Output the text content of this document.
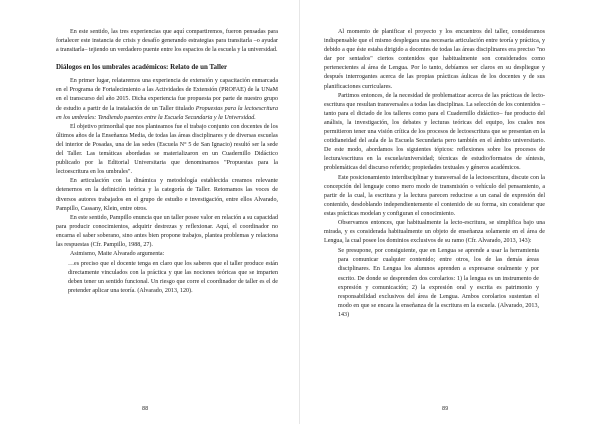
En este sentido, las tres experiencias que aquí compartiremos, fueron pensadas para fortalecer este instancia de crisis y desafío generando estrategias para transitarla –o ayudar a transitarla– tejiendo un verdadero puente entre los espacios de la escuela y la universidad.

Diálogos en los umbrales académicos: Relato de un Taller

En primer lugar, relataremos una experiencia de extensión y capacitación enmarcada en el Programa de Fortalecimiento a las Actividades de Extensión (PROFAE) de la UNaM en el transcurso del año 2015. Dicha experiencia fue propuesta por parte de nuestro grupo de estudio a partir de la instalación de un Taller titulado Propuestas para la lectoescritura en los umbrales: Tendiendo puentes entre la Escuela Secundaria y la Universidad.

El objetivo primordial que nos planteamos fue el trabajo conjunto con docentes de los últimos años de la Enseñanza Media, de todas las áreas disciplinares y de diversas escuelas del interior de Posadas, una de las sedes (Escuela N° 5 de San Ignacio) resultó ser la sede del Taller. Las temáticas abordadas se materializaron en un Cuadernillo Didáctico publicado por la Editorial Universitaria que denominamos "Propuestas para la lectoescritura en los umbrales".

En articulación con la dinámica y metodología establecida creamos relevante detenernos en la definición teórica y la categoría de Taller. Retomamos las voces de diversos autores trabajados en el grupo de estudio e investigación, entre ellos Alvarado, Pampillo, Cassany, Klein, entre otros.

En este sentido, Pampillo enuncia que un taller posee valor en relación a su capacidad para producir conocimientos, adquirir destrezas y reflexionar. Aquí, el coordinador no encarna el saber soberano, sino antes bien propone trabajos, plantea problemas y relaciona las respuestas (Cfr. Pampillo, 1988, 27).

Asimismo, Maite Alvarado argumenta:

…es preciso que el docente tenga en claro que los saberes que el taller produce están directamente vinculados con la práctica y que las nociones teóricas que se imparten deben tener un sentido funcional. Un riesgo que corre el coordinador de taller es el de pretender aplicar una teoría. (Alvarado, 2013, 120).

88

Al momento de planificar el proyecto y los encuentros del taller, consideramos indispensable que el mismo desplegara una necesaria articulación entre teoría y práctica, y debido a que éste estaba dirigido a docentes de todas las áreas disciplinares era preciso "no dar por sentados" ciertos contenidos que habitualmente son considerados como pertenecientes al área de Lengua. Por lo tanto, debíamos ser claros en su despliegue y después interrogantes acerca de las propias prácticas áulicas de los docentes y de sus planificaciones curriculares.

Partimos entonces, de la necesidad de problematizar acerca de las prácticas de lecto-escritura que resultan transversales a todas las disciplinas. La selección de los contenidos –tanto para el dictado de los talleres como para el Cuadernillo didáctico– fue producto del análisis, la investigación, los debates y lecturas teóricas del equipo, los cuales nos permitieron tener una visión crítica de los procesos de lectoescritura que se presentan en la cotidianeidad del aula de la Escuela Secundaria pero también en el ámbito universitario. De este modo, abordamos los siguientes tópicos: reflexiones sobre los procesos de lectura/escritura en la escuela/universidad; técnicas de estudio/formatos de síntesis, problemáticas del discurso referido; propiedades textuales y géneros académicos.

Este posicionamiento interdisciplinar y transversal de la lectoescritura, discute con la concepción del lenguaje como mero modo de transmisión o vehículo del pensamiento, a partir de la cual, la escritura y la lectura parecen reducirse a un canal de expresión del contenido, desdoblando independientemente el contenido de su forma, sin considerar que estas prácticas modelan y configuran el conocimiento.

Observamos entonces, que habitualmente la lecto-escritura, se simplifica bajo una mirada, y es considerada habitualmente un objeto de enseñanza solamente en el área de Lengua, la cual posee los dominios exclusivos de su ramo (Cfr. Alvarado, 2013, 143):

Se presupone, por consiguiente, que en Lengua se aprende a usar la herramienta para comunicar cualquier contenido; entre otros, los de las demás áreas disciplinares. En Lengua los alumnos aprenden a expresarse oralmente y por escrito. De donde se desprenden dos corolarios: 1) la lengua es un instrumento de expresión y comunicación; 2) la expresión oral y escrita es patrimonio y responsabilidad exclusivos del área de Lengua. Ambos corolarios sustentan el modo en que se encara la enseñanza de la escritura en la escuela. (Alvarado, 2013, 143)

89
